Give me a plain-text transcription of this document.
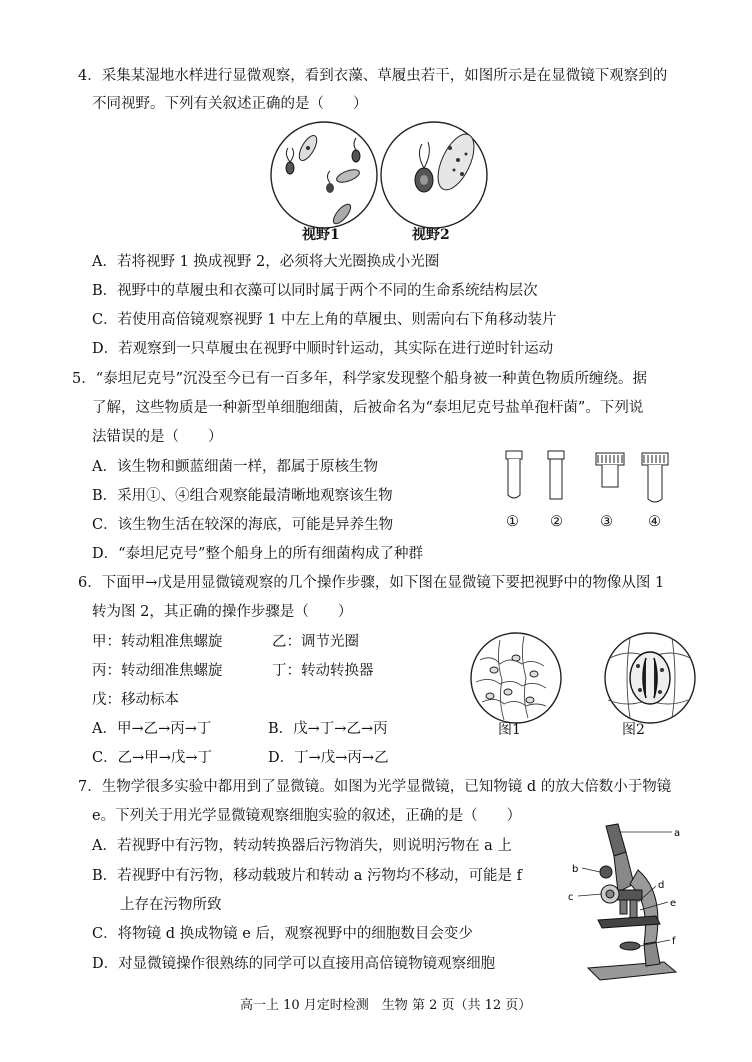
4．采集某湿地水样进行显微观察，看到衣藻、草履虫若干，如图所示是在显微镜下观察到的
不同视野。下列有关叙述正确的是（　　）
视野1	视野2
A．若将视野 1 换成视野 2，必须将大光圈换成小光圈
B．视野中的草履虫和衣藻可以同时属于两个不同的生命系统结构层次
C．若使用高倍镜观察视野 1 中左上角的草履虫、则需向右下角移动装片
D．若观察到一只草履虫在视野中顺时针运动，其实际在进行逆时针运动
5．“泰坦尼克号”沉没至今已有一百多年，科学家发现整个船身被一种黄色物质所缠绕。据
了解，这些物质是一种新型单细胞细菌，后被命名为“泰坦尼克号盐单孢杆菌”。下列说
法错误的是（　　）
A．该生物和颤蓝细菌一样，都属于原核生物
B．采用①、④组合观察能最清晰地观察该生物
C．该生物生活在较深的海底，可能是异养生物
D．“泰坦尼克号”整个船身上的所有细菌构成了种群
① ②	③ ④
6．下面甲→戊是用显微镜观察的几个操作步骤，如下图在显微镜下要把视野中的物像从图 1
转为图 2，其正确的操作步骤是（　　）
甲：转动粗准焦螺旋	乙：调节光圈
丙：转动细准焦螺旋	丁：转动转换器
戊：移动标本
A．甲→乙→丙→丁	B．戊→丁→乙→丙
C．乙→甲→戊→丁	D．丁→戊→丙→乙
图1	图2
7．生物学很多实验中都用到了显微镜。如图为光学显微镜，已知物镜 d 的放大倍数小于物镜
e。下列关于用光学显微镜观察细胞实验的叙述，正确的是（　　）
A．若视野中有污物，转动转换器后污物消失，则说明污物在 a 上
B．若视野中有污物，移动载玻片和转动 a 污物均不移动，可能是 f
上存在污物所致
C．将物镜 d 换成物镜 e 后，观察视野中的细胞数目会变少
D．对显微镜操作很熟练的同学可以直接用高倍镜物镜观察细胞
a
b
c
d
e
f
高一上 10 月定时检测　生物 第 2 页（共 12 页）
